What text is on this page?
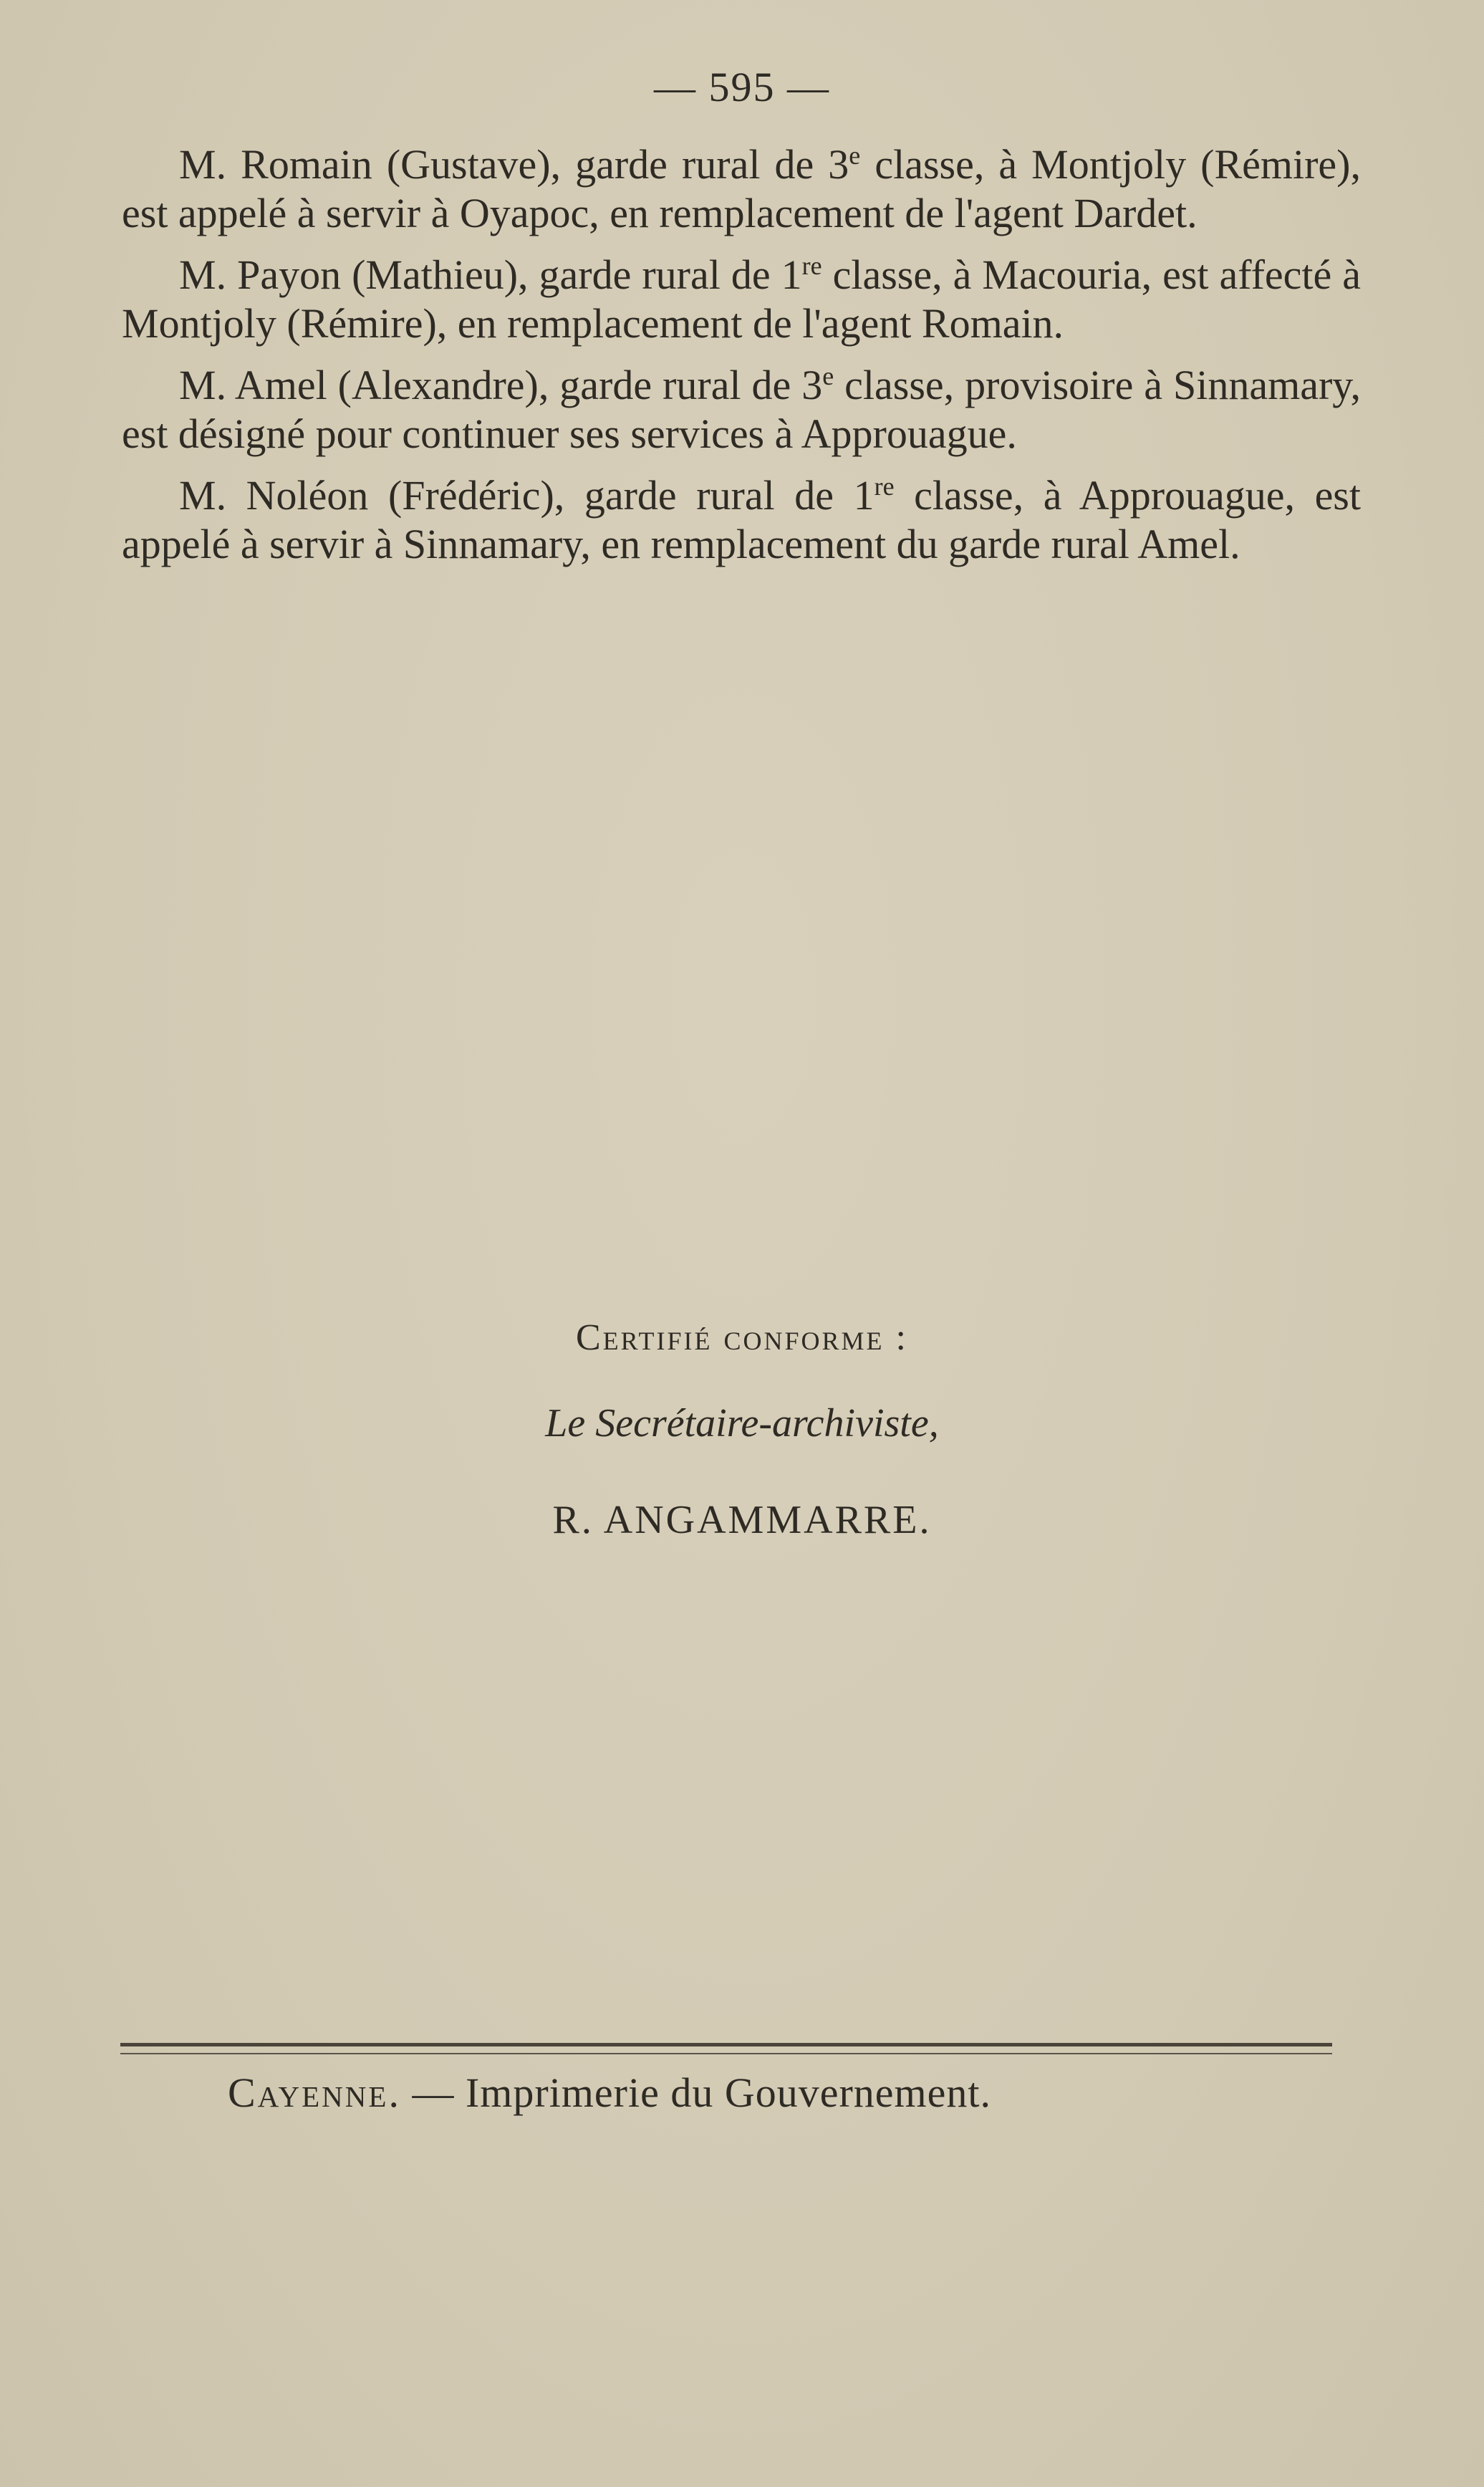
— 595 —

M. Romain (Gustave), garde rural de 3e classe, à Montjoly (Rémire), est appelé à servir à Oyapoc, en remplacement de l'agent Dardet.

M. Payon (Mathieu), garde rural de 1re classe, à Macouria, est affecté à Montjoly (Rémire), en remplacement de l'agent Romain.

M. Amel (Alexandre), garde rural de 3e classe, provisoire à Sinnamary, est désigné pour continuer ses services à Approuague.

M. Noléon (Frédéric), garde rural de 1re classe, à Approuague, est appelé à servir à Sinnamary, en remplacement du garde rural Amel.

Certifié conforme :
Le Secrétaire-archiviste,
R. ANGAMMARRE.
Cayenne. — Imprimerie du Gouvernement.
